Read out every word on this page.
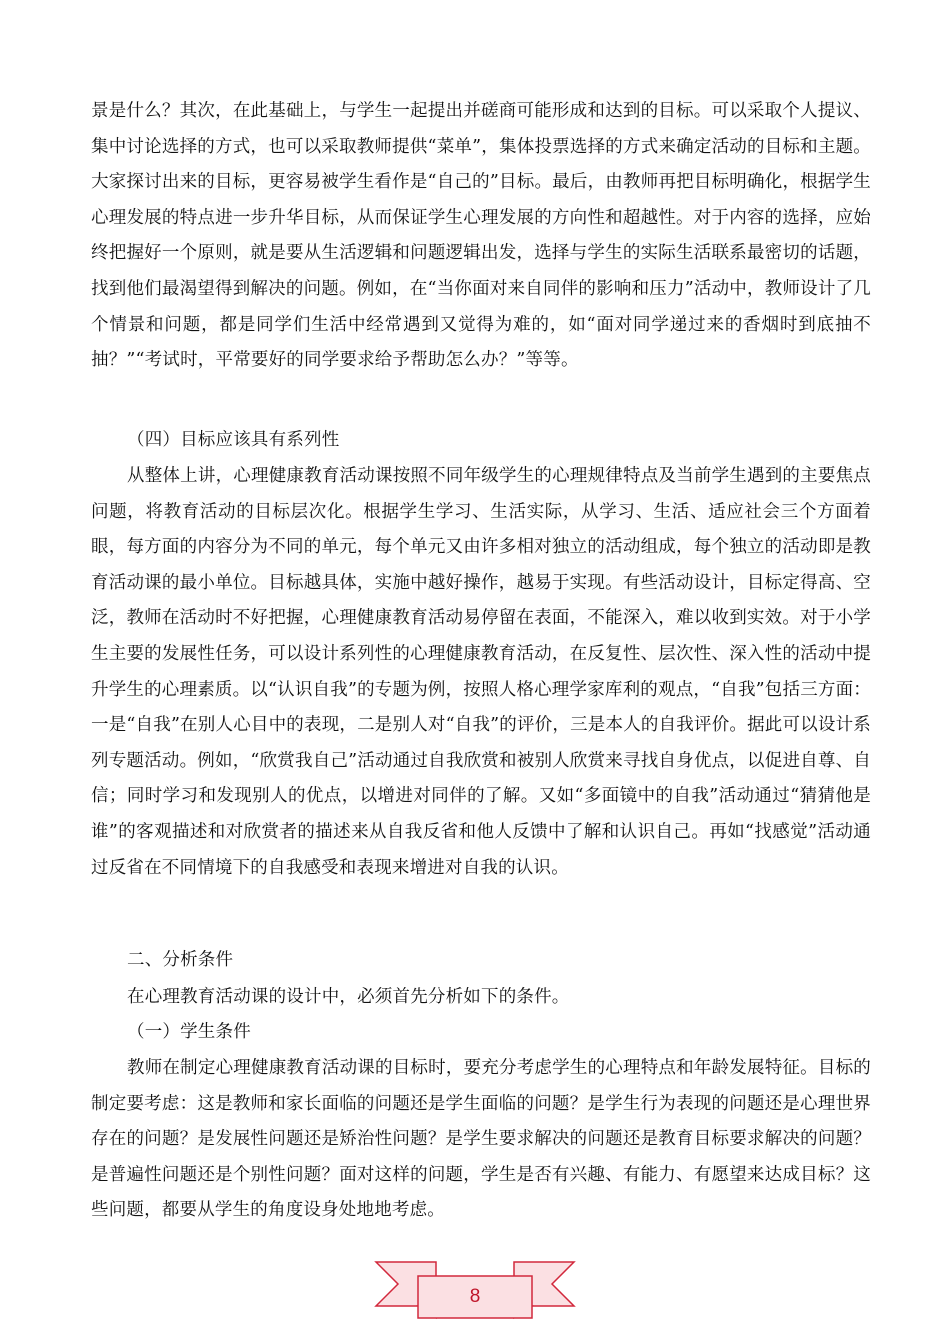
景是什么？其次，在此基础上，与学生一起提出并磋商可能形成和达到的目标。可以采取个人提议、集中讨论选择的方式，也可以采取教师提供“菜单”，集体投票选择的方式来确定活动的目标和主题。大家探讨出来的目标，更容易被学生看作是“自己的”目标。最后，由教师再把目标明确化，根据学生心理发展的特点进一步升华目标，从而保证学生心理发展的方向性和超越性。对于内容的选择，应始终把握好一个原则，就是要从生活逻辑和问题逻辑出发，选择与学生的实际生活联系最密切的话题，找到他们最渴望得到解决的问题。例如，在“当你面对来自同伴的影响和压力”活动中，教师设计了几个情景和问题，都是同学们生活中经常遇到又觉得为难的，如“面对同学递过来的香烟时到底抽不抽？”“考试时，平常要好的同学要求给予帮助怎么办？”等等。

（四）目标应该具有系列性

从整体上讲，心理健康教育活动课按照不同年级学生的心理规律特点及当前学生遇到的主要焦点问题，将教育活动的目标层次化。根据学生学习、生活实际，从学习、生活、适应社会三个方面着眼，每方面的内容分为不同的单元，每个单元又由许多相对独立的活动组成，每个独立的活动即是教育活动课的最小单位。目标越具体，实施中越好操作，越易于实现。有些活动设计，目标定得高、空泛，教师在活动时不好把握，心理健康教育活动易停留在表面，不能深入，难以收到实效。对于小学生主要的发展性任务，可以设计系列性的心理健康教育活动，在反复性、层次性、深入性的活动中提升学生的心理素质。以“认识自我”的专题为例，按照人格心理学家库利的观点，“自我”包括三方面：一是“自我”在别人心目中的表现，二是别人对“自我”的评价，三是本人的自我评价。据此可以设计系列专题活动。例如，“欣赏我自己”活动通过自我欣赏和被别人欣赏来寻找自身优点，以促进自尊、自信；同时学习和发现别人的优点，以增进对同伴的了解。又如“多面镜中的自我”活动通过“猜猜他是谁”的客观描述和对欣赏者的描述来从自我反省和他人反馈中了解和认识自己。再如“找感觉”活动通过反省在不同情境下的自我感受和表现来增进对自我的认识。

二、分析条件

在心理教育活动课的设计中，必须首先分析如下的条件。

（一）学生条件

教师在制定心理健康教育活动课的目标时，要充分考虑学生的心理特点和年龄发展特征。目标的制定要考虑：这是教师和家长面临的问题还是学生面临的问题？是学生行为表现的问题还是心理世界存在的问题？是发展性问题还是矫治性问题？是学生要求解决的问题还是教育目标要求解决的问题？是普遍性问题还是个别性问题？面对这样的问题，学生是否有兴趣、有能力、有愿望来达成目标？这些问题，都要从学生的角度设身处地地考虑。

8
